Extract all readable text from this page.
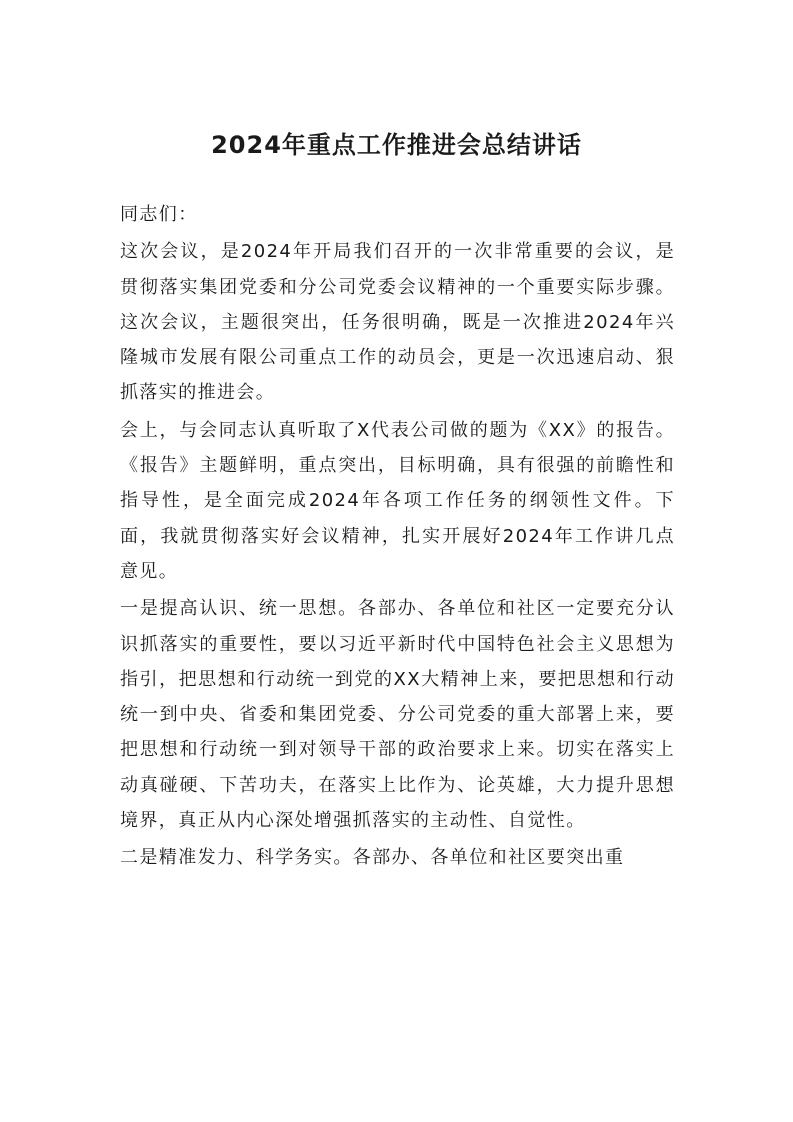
2024年重点工作推进会总结讲话

同志们：

这次会议，是2024年开局我们召开的一次非常重要的会议，是贯彻落实集团党委和分公司党委会议精神的一个重要实际步骤。这次会议，主题很突出，任务很明确，既是一次推进2024年兴隆城市发展有限公司重点工作的动员会，更是一次迅速启动、狠抓落实的推进会。

会上，与会同志认真听取了X代表公司做的题为《XX》的报告。《报告》主题鲜明，重点突出，目标明确，具有很强的前瞻性和指导性，是全面完成2024年各项工作任务的纲领性文件。下面，我就贯彻落实好会议精神，扎实开展好2024年工作讲几点意见。

一是提高认识、统一思想。各部办、各单位和社区一定要充分认识抓落实的重要性，要以习近平新时代中国特色社会主义思想为指引，把思想和行动统一到党的XX大精神上来，要把思想和行动统一到中央、省委和集团党委、分公司党委的重大部署上来，要把思想和行动统一到对领导干部的政治要求上来。切实在落实上动真碰硬、下苦功夫，在落实上比作为、论英雄，大力提升思想境界，真正从内心深处增强抓落实的主动性、自觉性。

二是精准发力、科学务实。各部办、各单位和社区要突出重
